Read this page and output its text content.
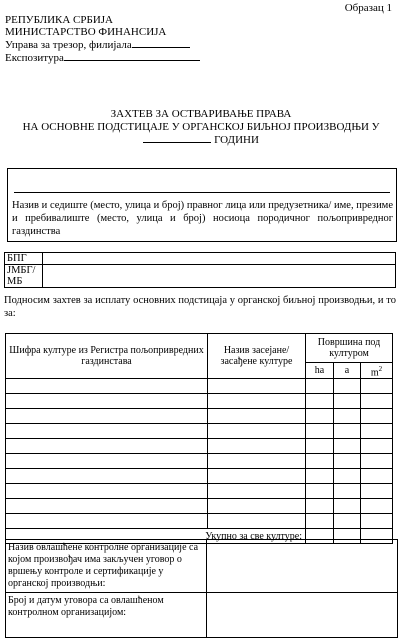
Образац 1
РЕПУБЛИКА СРБИЈА
МИНИСТАРСТВО ФИНАНСИЈА
Управа за трезор, филијала
Експозитура
ЗАХТЕВ ЗА ОСТВАРИВАЊЕ ПРАВА
НА ОСНОВНЕ ПОДСТИЦАЈЕ У ОРГАНСКОЈ БИЉНОЈ ПРОИЗВОДЊИ У
ГОДИНИ
Назив и седиште (место, улица и број) правног лица или предузетника/ име, презиме и пребивалиште (место, улица и број) носиоца породичног пољопривредног газдинства
БПГ	
ЈМБГ/МБ	
Подносим захтев за исплату основних подстицаја у органској биљној производњи, и то за:
Шифра културе из Регистра пољопривредних газдинстава	Назив засејане/засађене културе	Површина под културом		
		ha	a	$m^2$

Укупно за све културе:				
Назив овлашћене контролне организације са којом произвођач има закључен уговор о вршењу контроле и сертификације у органској производњи:	
Број и датум уговора са овлашћеном контролном организацијом:	
